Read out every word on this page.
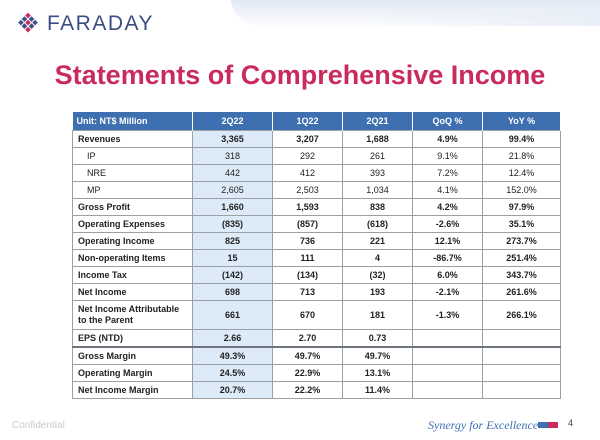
FARADAY
Statements of Comprehensive Income
Unit: NT$ Million	2Q22	1Q22	2Q21	QoQ %	YoY %
Revenues	3,365	3,207	1,688	4.9%	99.4%
IP	318	292	261	9.1%	21.8%
NRE	442	412	393	7.2%	12.4%
MP	2,605	2,503	1,034	4.1%	152.0%
Gross Profit	1,660	1,593	838	4.2%	97.9%
Operating Expenses	(835)	(857)	(618)	-2.6%	35.1%
Operating Income	825	736	221	12.1%	273.7%
Non-operating Items	15	111	4	-86.7%	251.4%
Income Tax	(142)	(134)	(32)	6.0%	343.7%
Net Income	698	713	193	-2.1%	261.6%
Net Income Attributable to the Parent	661	670	181	-1.3%	266.1%
EPS (NTD)	2.66	2.70	0.73		
Gross Margin	49.3%	49.7%	49.7%		
Operating Margin	24.5%	22.9%	13.1%		
Net Income Margin	20.7%	22.2%	11.4%		
Confidential	Synergy for Excellence	4
